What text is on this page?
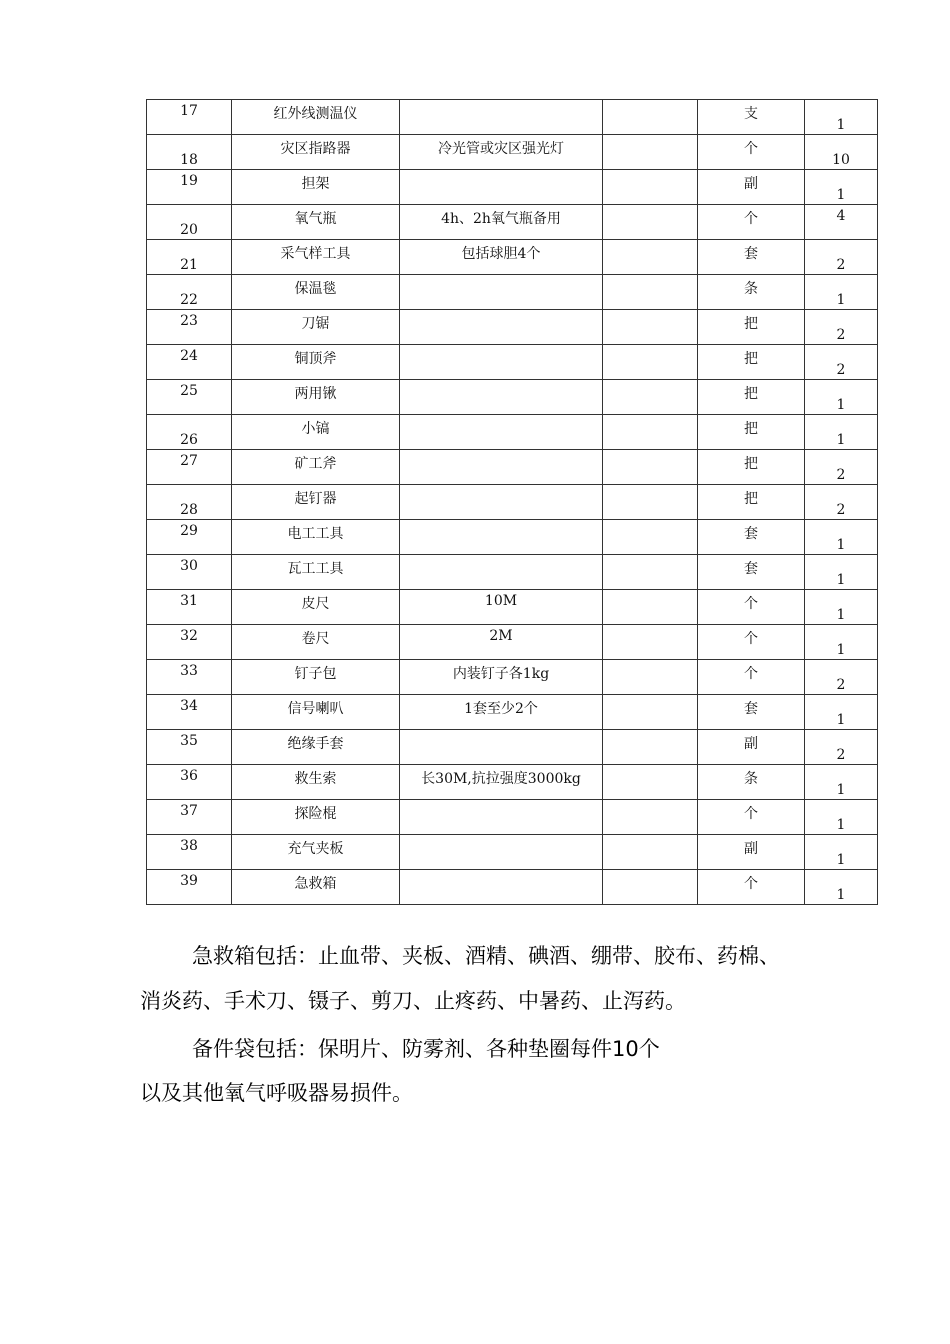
17	红外线测温仪			支	1

18	灾区指路器	冷光管或灾区强光灯		个	10

19	担架			副	1

20	氧气瓶	4h、2h氧气瓶备用		个	4

21	采气样工具	包括球胆4个		套	2

22	保温毯			条	1

23	刀锯			把	2

24	铜顶斧			把	2

25	两用锹			把	1

26	小镐			把	1

27	矿工斧			把	2

28	起钉器			把	2

29	电工工具			套	1

30	瓦工工具			套	1

31	皮尺	10M		个	1

32	卷尺	2M		个	1

33	钉子包	内装钉子各1kg		个	2

34	信号喇叭	1套至少2个		套	1

35	绝缘手套			副	2

36	救生索	长30M,抗拉强度3000kg		条	1

37	探险棍			个	1

38	充气夹板			副	1

39	急救箱			个	1
急救箱包括：止血带、夹板、酒精、碘酒、绷带、胶布、药棉、
消炎药、手术刀、镊子、剪刀、止疼药、中暑药、止泻药。
备件袋包括：保明片、防雾剂、各种垫圈每件10个
以及其他氧气呼吸器易损件。
